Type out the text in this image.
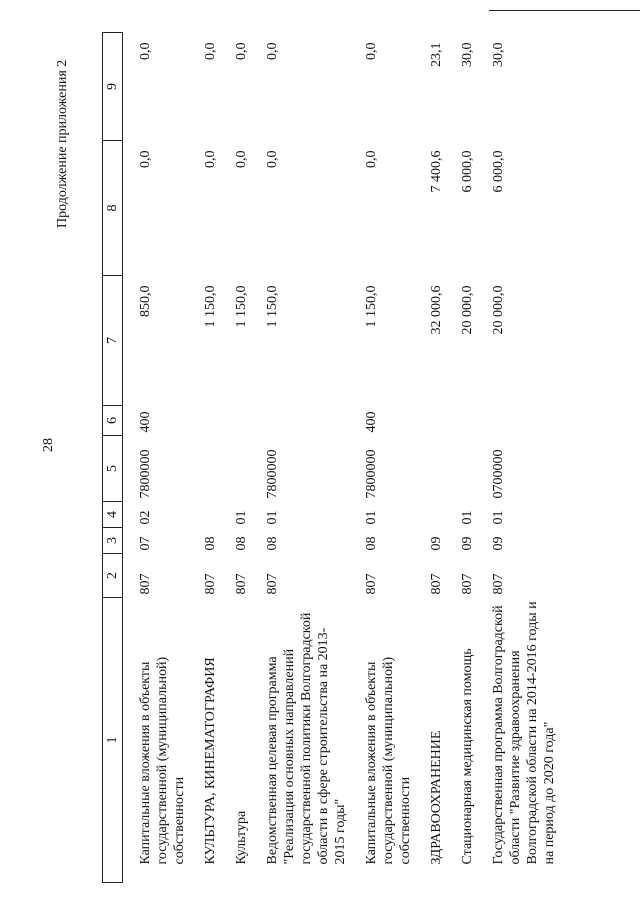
28
Продолжение приложения 2
1	2	3	4	5	6	7	8	9

Капитальные вложения в объекты государственной (муниципальной) собственности	807	07	02	7800000	400	850,0	0,0	0,0

КУЛЬТУРА, КИНЕМАТОГРАФИЯ	807	08				1 150,0	0,0	0,0

Культура	807	08	01			1 150,0	0,0	0,0

Ведомственная целевая программа "Реализация основных направлений государственной политики Волгоградской области в сфере строительства на 2013-2015 годы"	807	08	01	7800000		1 150,0	0,0	0,0

Капитальные вложения в объекты государственной (муниципальной) собственности	807	08	01	7800000	400	1 150,0	0,0	0,0

ЗДРАВООХРАНЕНИЕ	807	09				32 000,6	7 400,6	23,1

Стационарная медицинская помощь	807	09	01			20 000,0	6 000,0	30,0

Государственная программа Волгоградской области "Развитие здравоохранения Волгоградской области на 2014-2016 годы и на период до 2020 года"	807	09	01	0700000		20 000,0	6 000,0	30,0
